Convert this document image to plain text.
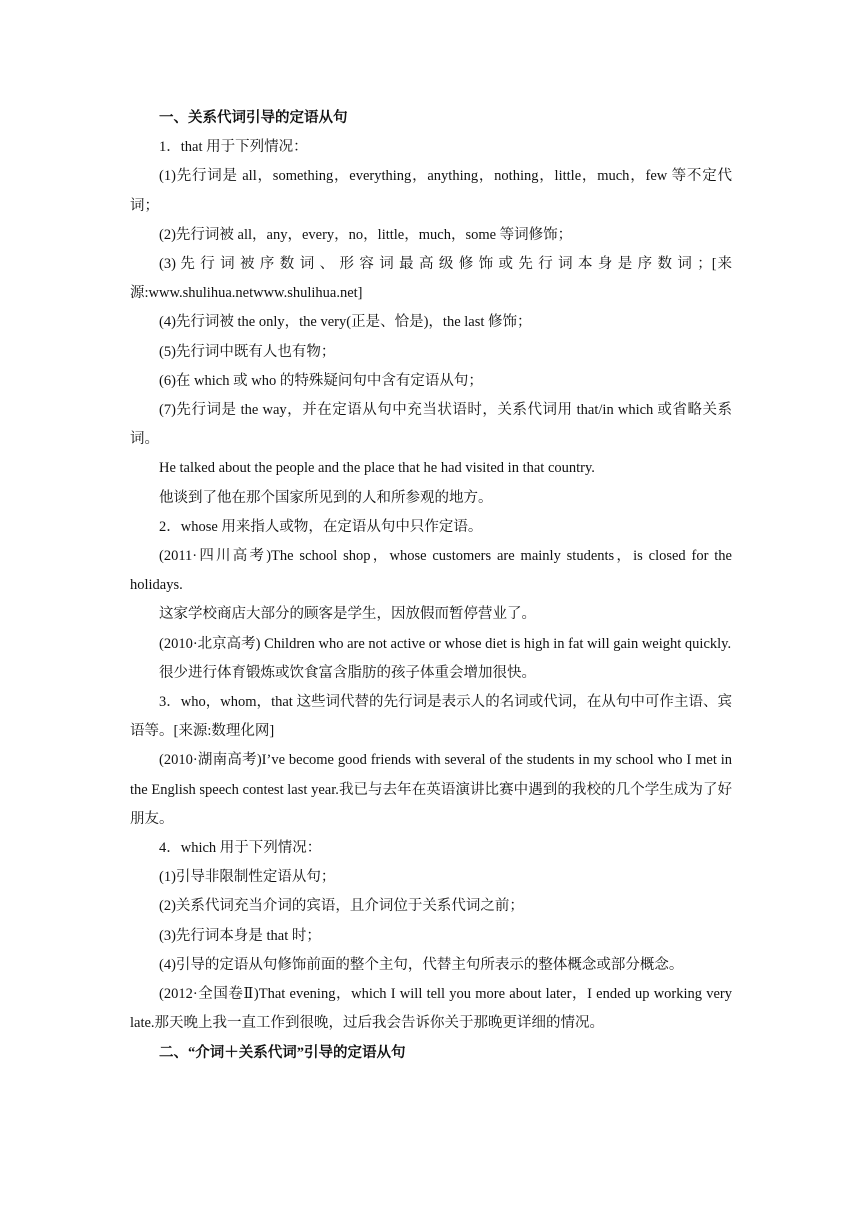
一、关系代词引导的定语从句

1．that 用于下列情况：

(1)先行词是 all，something，everything，anything，nothing，little，much，few 等不定代词；

(2)先行词被 all，any，every，no，little，much，some 等词修饰；

(3) 先 行 词 被 序 数 词 、 形 容 词 最 高 级 修 饰 或 先 行 词 本 身 是 序 数 词 ；[来源:www.shulihua.netwww.shulihua.net]

(4)先行词被 the only，the very(正是、恰是)，the last 修饰；

(5)先行词中既有人也有物；

(6)在 which 或 who 的特殊疑问句中含有定语从句；

(7)先行词是 the way，并在定语从句中充当状语时，关系代词用 that/in which 或省略关系词。

He talked about the people and the place that he had visited in that country.

他谈到了他在那个国家所见到的人和所参观的地方。

2．whose 用来指人或物，在定语从句中只作定语。

(2011·四川高考)The school shop，whose customers are mainly students，is closed for the holidays.

这家学校商店大部分的顾客是学生，因放假而暂停营业了。

(2010·北京高考) Children who are not active or whose diet is high in fat will gain weight quickly.

很少进行体育锻炼或饮食富含脂肪的孩子体重会增加很快。

3．who，whom，that 这些词代替的先行词是表示人的名词或代词，在从句中可作主语、宾语等。[来源:数理化网]

(2010·湖南高考)I’ve become good friends with several of the students in my school who I met in the English speech contest last year.我已与去年在英语演讲比赛中遇到的我校的几个学生成为了好朋友。

4．which 用于下列情况：

(1)引导非限制性定语从句；

(2)关系代词充当介词的宾语，且介词位于关系代词之前；

(3)先行词本身是 that 时；

(4)引导的定语从句修饰前面的整个主句，代替主句所表示的整体概念或部分概念。

(2012·全国卷Ⅱ)That evening，which I will tell you more about later，I ended up working very late.那天晚上我一直工作到很晚，过后我会告诉你关于那晚更详细的情况。

二、“介词＋关系代词”引导的定语从句
